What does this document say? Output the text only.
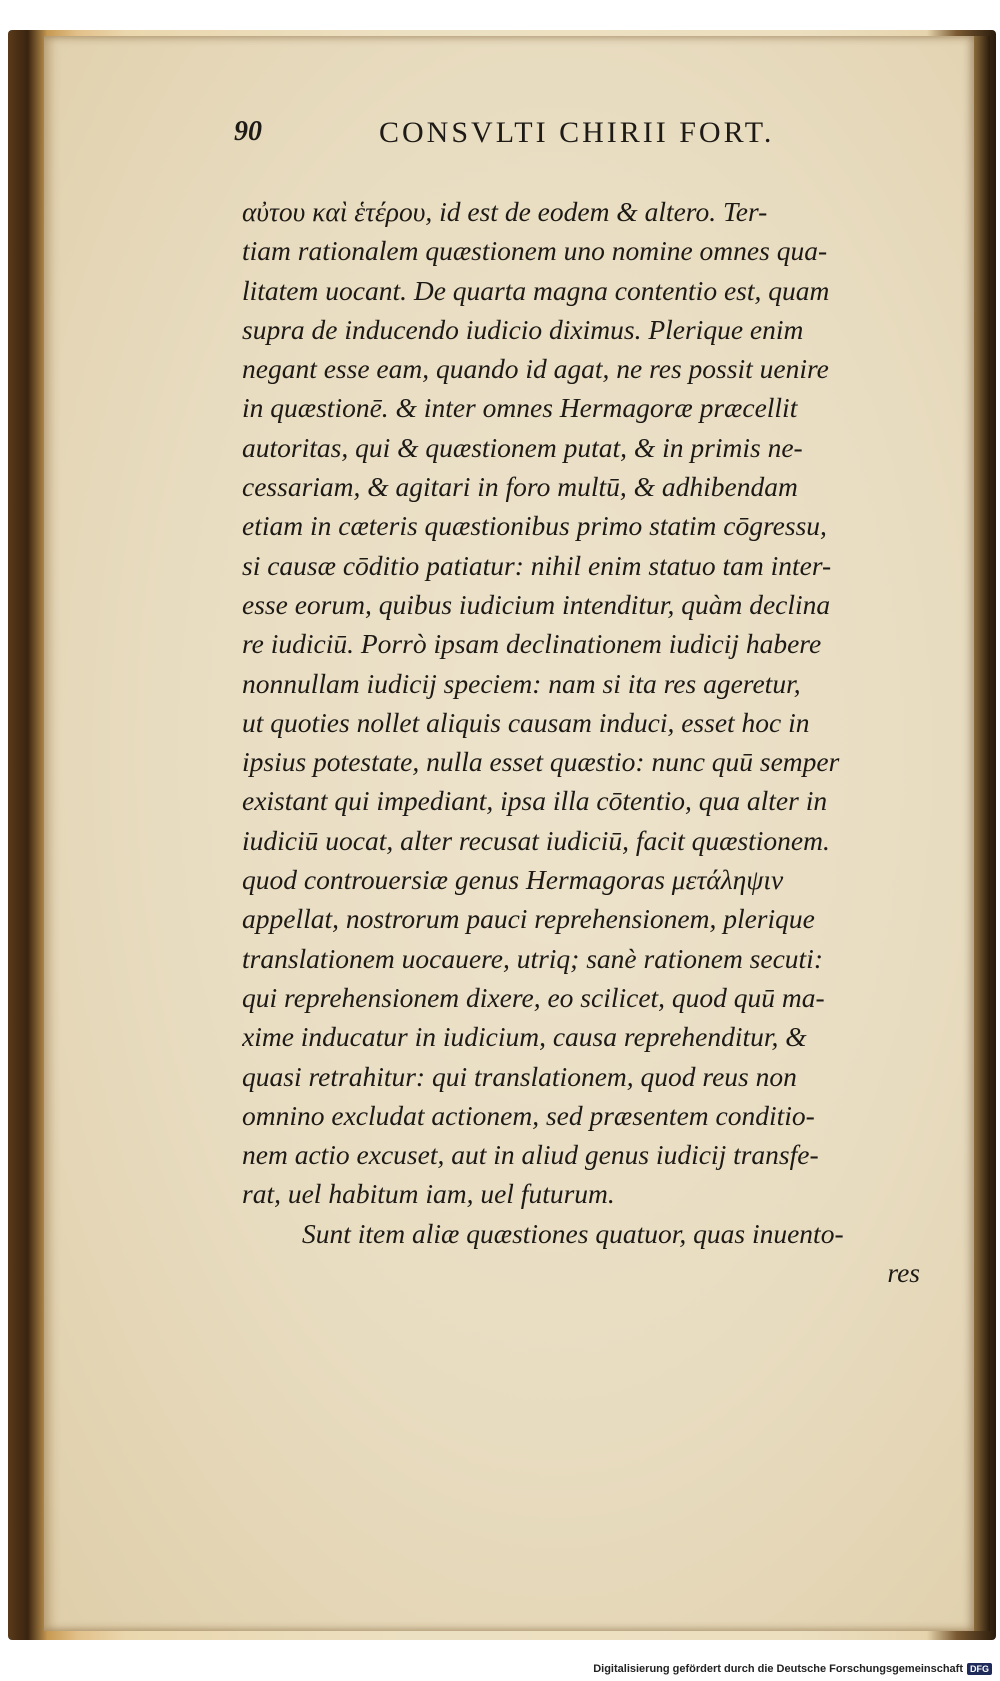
90	CONSVLTI CHIRII FORT.
αὐτου καὶ ἑτέρου, id est de eodem & altero. Ter-
tiam rationalem quæstionem uno nomine omnes qua-
litatem uocant. De quarta magna contentio est, quam
supra de inducendo iudicio diximus. Plerique enim
negant esse eam, quando id agat, ne res possit uenire
in quæstionē. & inter omnes Hermagoræ præcellit
autoritas, qui & quæstionem putat, & in primis ne-
cessariam, & agitari in foro multū, & adhibendam
etiam in cæteris quæstionibus primo statim cōgressu,
si causæ cōditio patiatur: nihil enim statuo tam inter-
esse eorum, quibus iudicium intenditur, quàm declina
re iudiciū. Porrò ipsam declinationem iudicij habere
nonnullam iudicij speciem: nam si ita res ageretur,
ut quoties nollet aliquis causam induci, esset hoc in
ipsius potestate, nulla esset quæstio: nunc quū semper
existant qui impediant, ipsa illa cōtentio, qua alter in
iudiciū uocat, alter recusat iudiciū, facit quæstionem.
quod controuersiæ genus Hermagoras μετάληψιν
appellat, nostrorum pauci reprehensionem, plerique
translationem uocauere, utriq; sanè rationem secuti:
qui reprehensionem dixere, eo scilicet, quod quū ma-
xime inducatur in iudicium, causa reprehenditur, &
quasi retrahitur: qui translationem, quod reus non
omnino excludat actionem, sed præsentem conditio-
nem actio excuset, aut in aliud genus iudicij transfe-
rat, uel habitum iam, uel futurum.
Sunt item aliæ quæstiones quatuor, quas inuento-
res
Digitalisierung gefördert durch die Deutsche Forschungsgemeinschaft DFG
